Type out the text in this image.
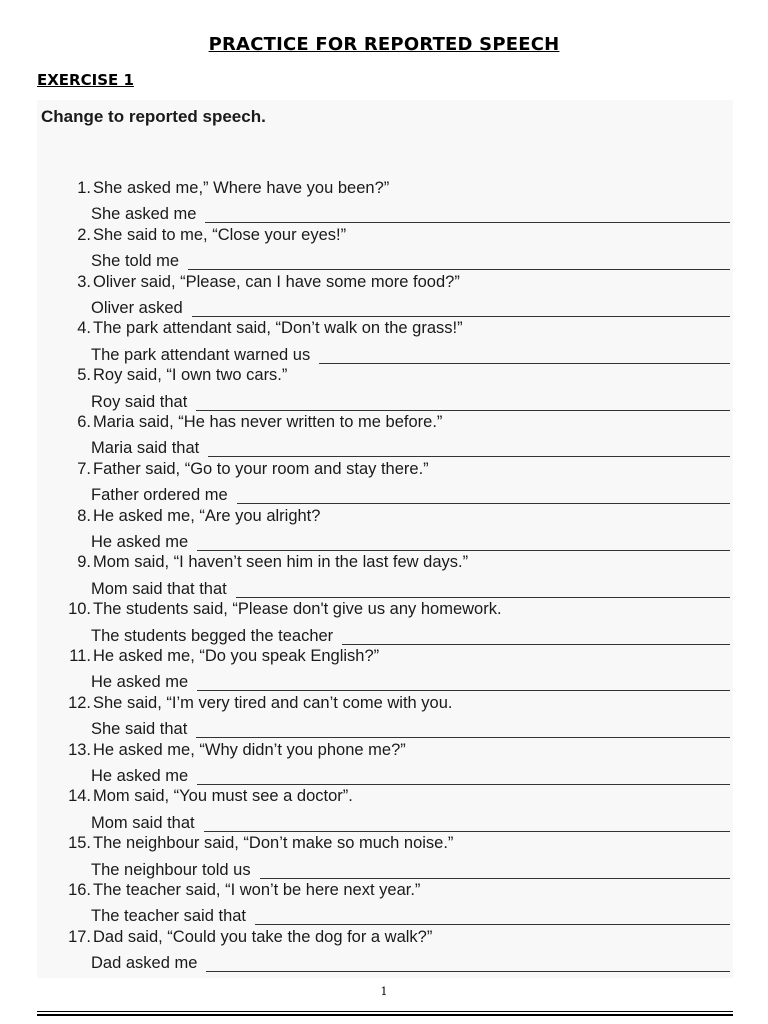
PRACTICE FOR REPORTED SPEECH
EXERCISE 1
Change to reported speech.
1. She asked me,” Where have you been?”
She asked me
2. She said to me, “Close your eyes!”
She told me
3. Oliver said, “Please, can I have some more food?”
Oliver asked
4. The park attendant said, “Don’t walk on the grass!”
The park attendant warned us
5. Roy said, “I own two cars.”
Roy said that
6. Maria said, “He has never written to me before.”
Maria said that
7. Father said, “Go to your room and stay there.”
Father ordered me
8. He asked me, “Are you alright?
He asked me
9. Mom said, “I haven’t seen him in the last few days.”
Mom said that that
10. The students said, “Please don't give us any homework.
The students begged the teacher
11. He asked me, “Do you speak English?”
He asked me
12. She said, “I’m very tired and can’t come with you.
She said that
13. He asked me, “Why didn’t you phone me?”
He asked me
14. Mom said, “You must see a doctor”.
Mom said that
15. The neighbour said, “Don’t make so much noise.”
The neighbour told us
16. The teacher said, “I won’t be here next year.”
The teacher said that
17. Dad said, “Could you take the dog for a walk?”
Dad asked me
1
